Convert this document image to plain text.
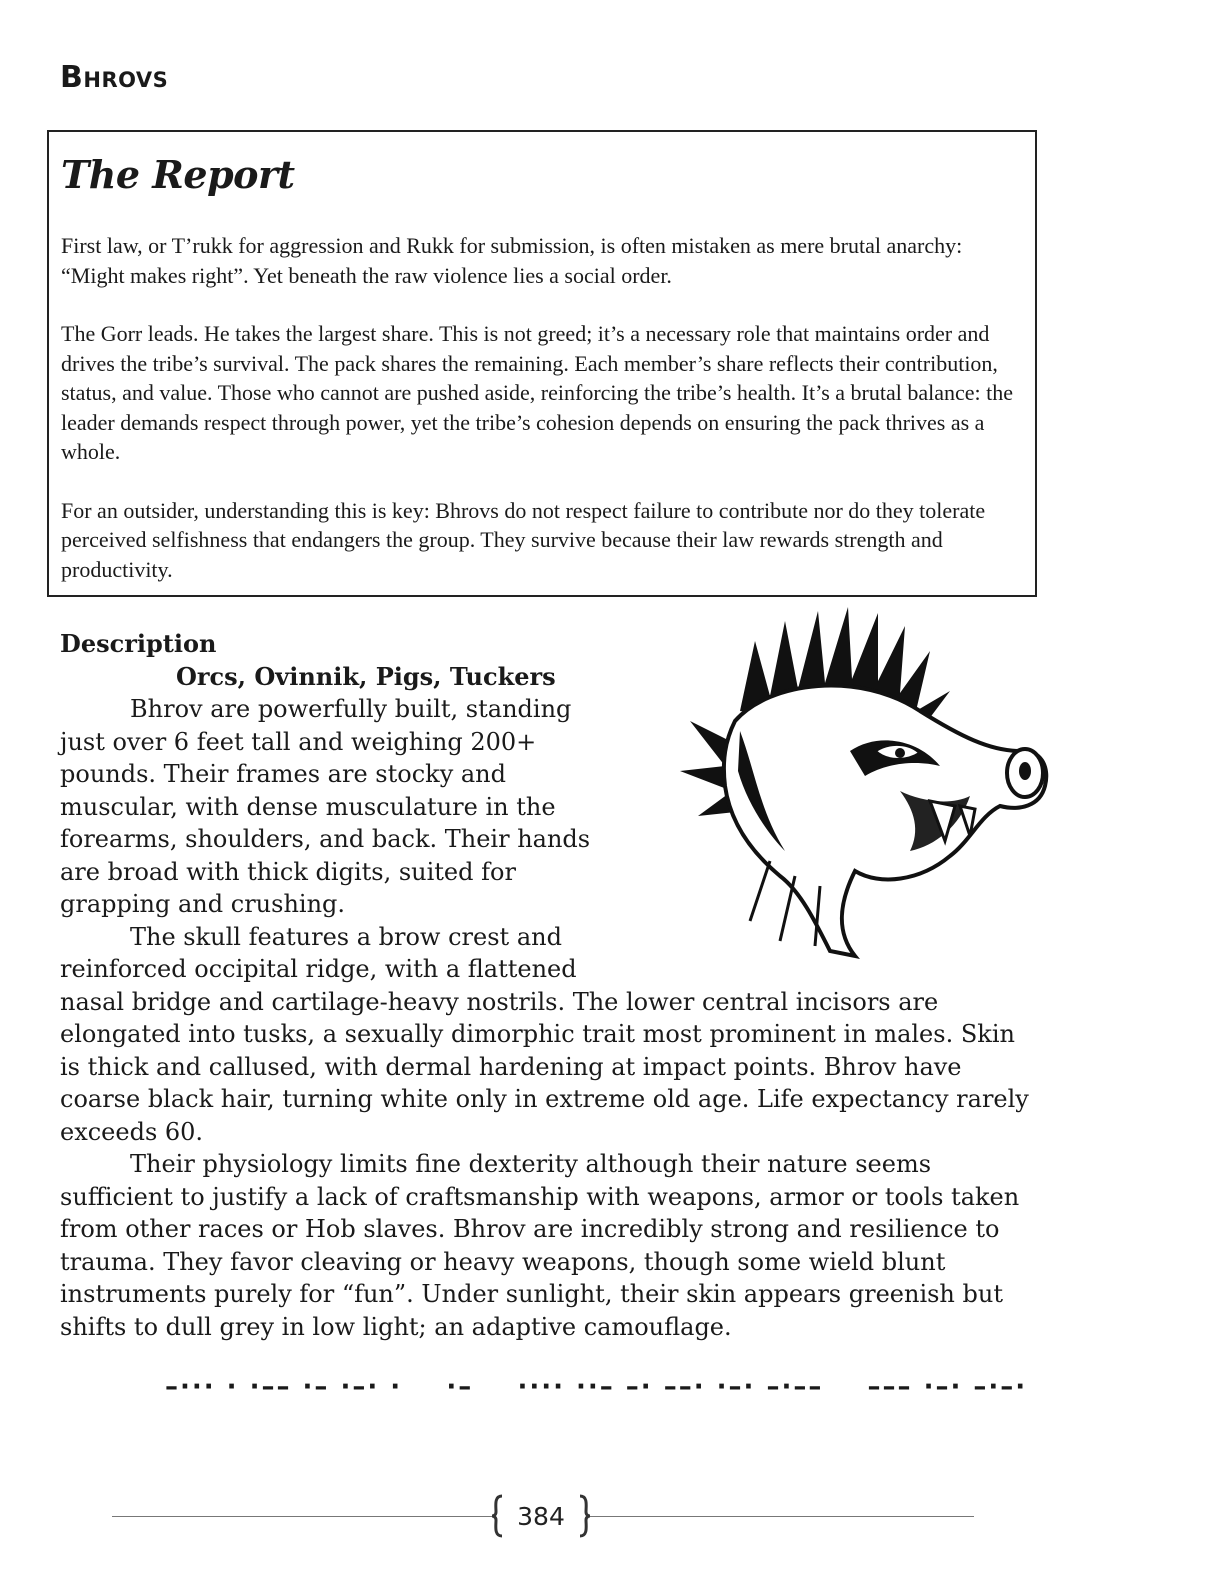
Bhrovs
The Report

First law, or T’rukk for aggression and Rukk for submission, is often mistaken as mere brutal anarchy: “Might makes right”. Yet beneath the raw violence lies a social order.

The Gorr leads. He takes the largest share. This is not greed; it’s a necessary role that maintains order and drives the tribe’s survival. The pack shares the remaining. Each member’s share reflects their contribution, status, and value. Those who cannot are pushed aside, reinforcing the tribe’s health. It’s a brutal balance: the leader demands respect through power, yet the tribe’s cohesion depends on ensuring the pack thrives as a whole.

For an outsider, understanding this is key: Bhrovs do not respect failure to contribute nor do they tolerate perceived selfishness that endangers the group. They survive because their law rewards strength and productivity.

Description

Orcs, Ovinnik, Pigs, Tuckers

Bhrov are powerfully built, standing just over 6 feet tall and weighing 200+ pounds. Their frames are stocky and muscular, with dense musculature in the forearms, shoulders, and back. Their hands are broad with thick digits, suited for grapping and crushing.

The skull features a brow crest and reinforced occipital ridge, with a flattened nasal bridge and cartilage-heavy nostrils. The lower central incisors are elongated into tusks, a sexually dimorphic trait most prominent in males. Skin is thick and callused, with dermal hardening at impact points. Bhrov have coarse black hair, turning white only in extreme old age. Life expectancy rarely exceeds 60.

Their physiology limits fine dexterity although their nature seems sufficient to justify a lack of craftsmanship with weapons, armor or tools taken from other races or Hob slaves. Bhrov are incredibly strong and resilience to trauma. They favor cleaving or heavy weapons, though some wield blunt instruments purely for “fun”. Under sunlight, their skin appears greenish but shifts to dull grey in low light; an adaptive camouflage.

–··· · ·–– ·– ·–· ·    ·–    ···· ··– –· ––· ·–· –·––    ––– ·–· –·–·
384
